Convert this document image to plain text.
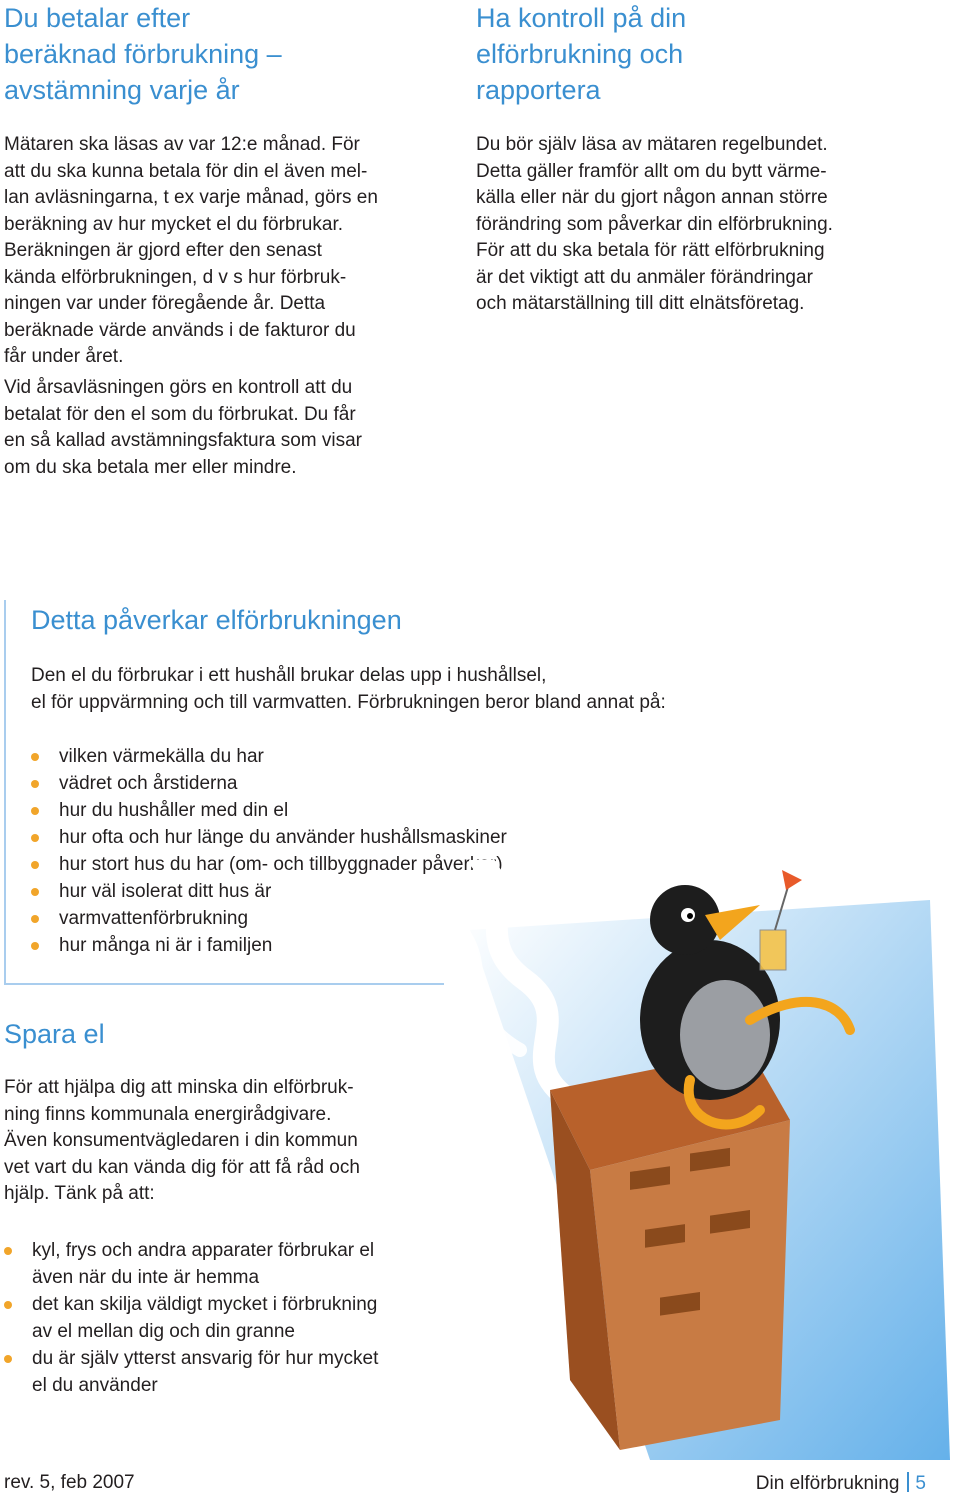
Du betalar efter
beräknad förbrukning –
avstämning varje år

Mätaren ska läsas av var 12:e månad. För

att du ska kunna betala för din el även mel-

lan avläsningarna, t ex varje månad, görs en

beräkning av hur mycket el du förbrukar.

Beräkningen är gjord efter den senast

kända elförbrukningen, d v s hur förbruk-

ningen var under föregående år. Detta

beräknade värde används i de fakturor du

får under året.

Vid årsavläsningen görs en kontroll att du

betalat för den el som du förbrukat. Du får

en så kallad avstämningsfaktura som visar

om du ska betala mer eller mindre.

Ha kontroll på din
elförbrukning och
rapportera

Du bör själv läsa av mätaren regelbundet.

Detta gäller framför allt om du bytt värme-

källa eller när du gjort någon annan större

förändring som påverkar din elförbrukning.

För att du ska betala för rätt elförbrukning

är det viktigt att du anmäler förändringar

och mätarställning till ditt elnätsföretag.

Detta påverkar elförbrukningen

Den el du förbrukar i ett hushåll brukar delas upp i hushållsel,

el för uppvärmning och till varmvatten. Förbrukningen beror bland annat på:

vilken värmekälla du har
vädret och årstiderna
hur du hushåller med din el
hur ofta och hur länge du använder hushållsmaskiner
hur stort hus du har (om- och tillbyggnader påverkar)
hur väl isolerat ditt hus är
varmvattenförbrukning
hur många ni är i familjen
Spara el

För att hjälpa dig att minska din elförbruk-

ning finns kommunala energirådgivare.

Även konsumentvägledaren i din kommun

vet vart du kan vända dig för att få råd och

hjälp. Tänk på att:

kyl, frys och andra apparater förbrukar el
även när du inte är hemma
det kan skilja väldigt mycket i förbrukning
av el mellan dig och din granne
du är själv ytterst ansvarig för hur mycket
el du använder
rev. 5, feb 2007	Din elförbrukning 5
